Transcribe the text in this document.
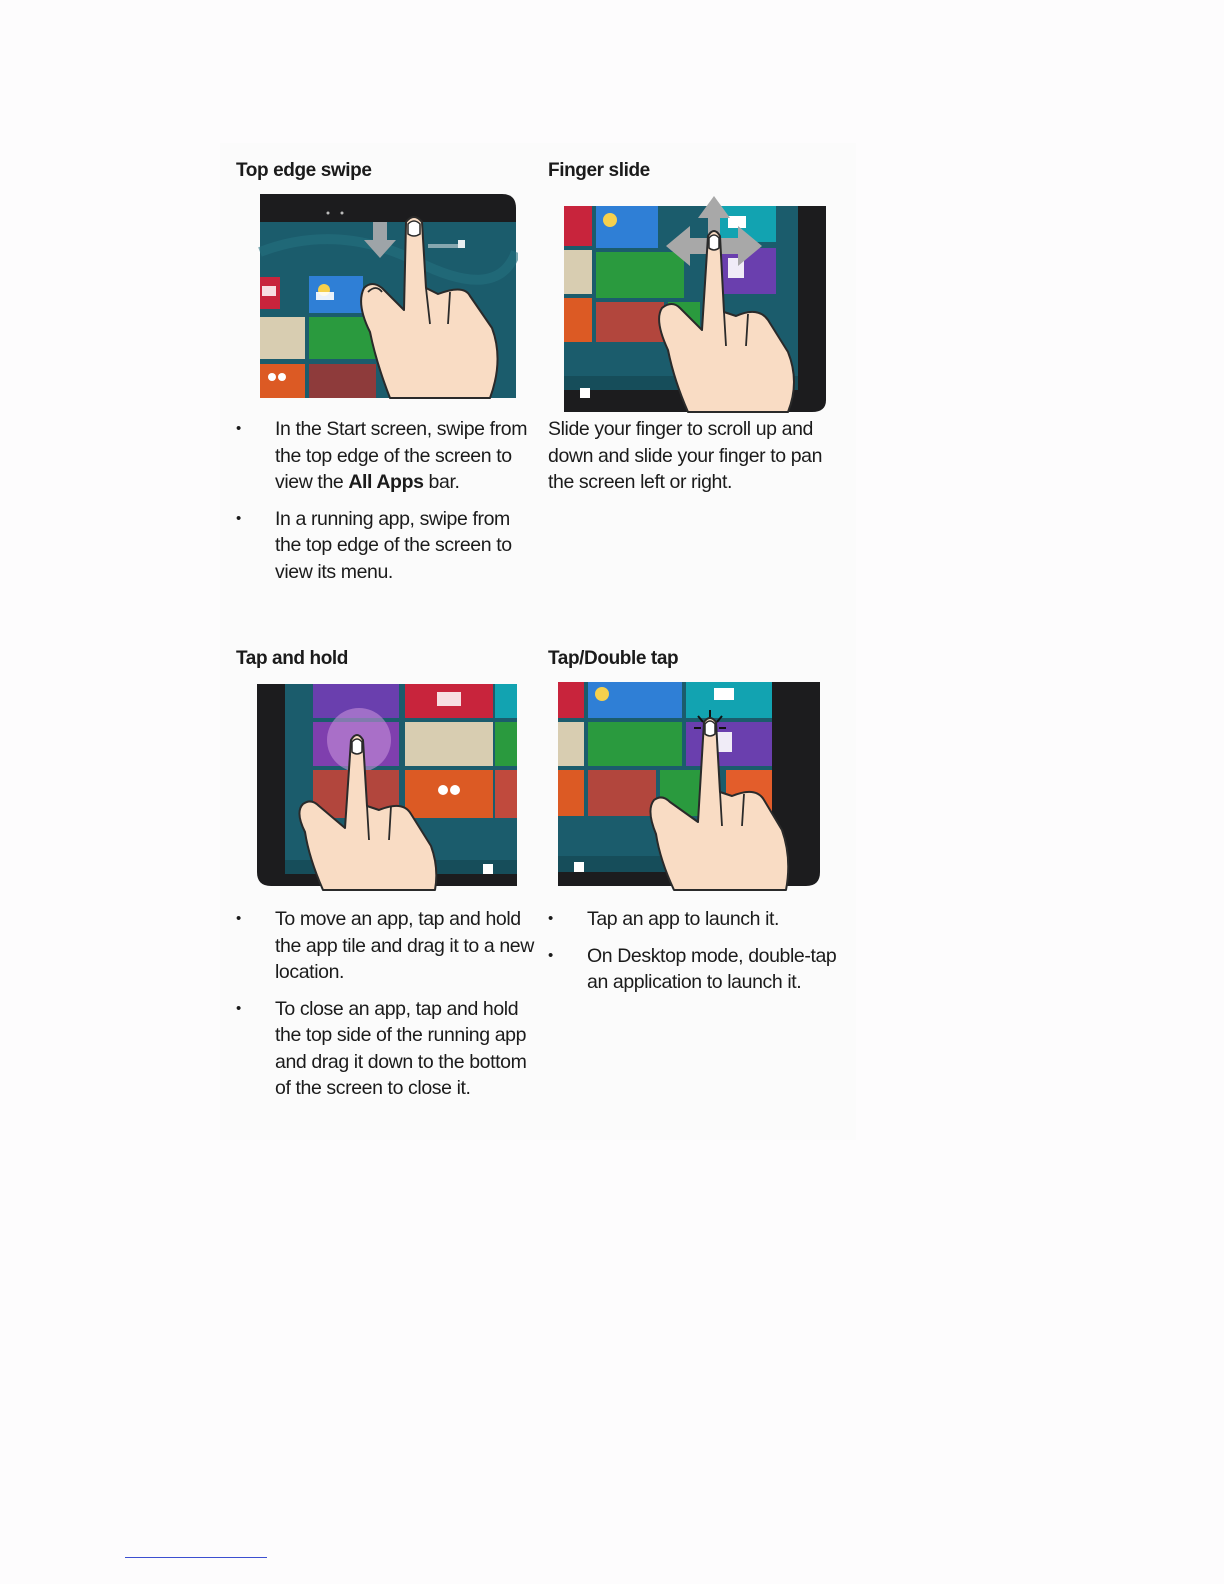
Top edge swipe
• In the Start screen, swipe from the top edge of the screen to view the All Apps bar.
• In a running app, swipe from the top edge of the screen to view its menu.
Finger slide

Slide your finger to scroll up and down and slide your finger to pan the screen left or right.

Tap and hold
• To move an app, tap and hold the app tile and drag it to a new location.
• To close an app, tap and hold the top side of the running app and drag it down to the bottom of the screen to close it.
Tap/Double tap
• Tap an app to launch it.
• On Desktop mode, double-tap an application to launch it.
